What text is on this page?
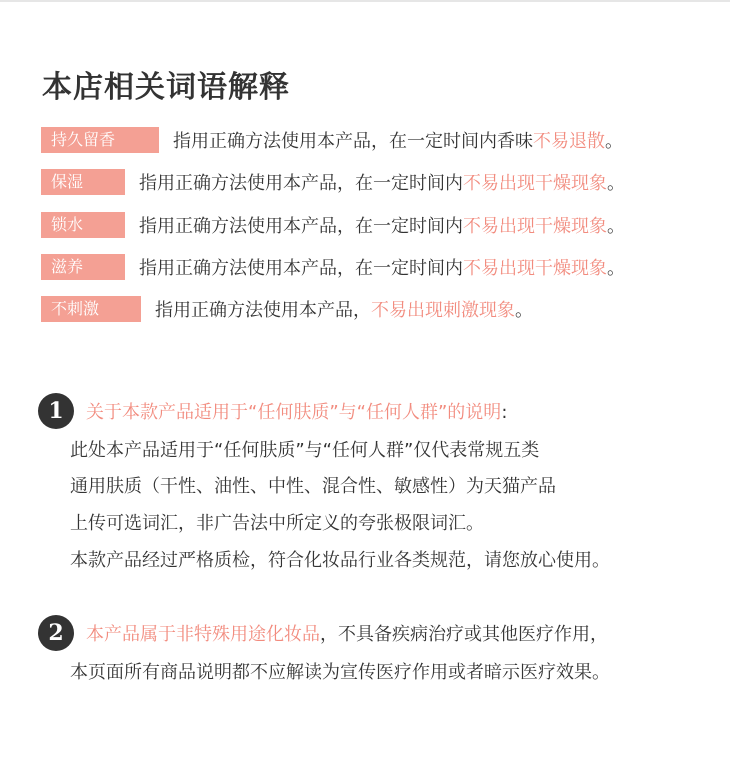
本店相关词语解释
持久留香	指用正确方法使用本产品，在一定时间内香味不易退散。
保湿	指用正确方法使用本产品，在一定时间内不易出现干燥现象。
锁水	指用正确方法使用本产品，在一定时间内不易出现干燥现象。
滋养	指用正确方法使用本产品，在一定时间内不易出现干燥现象。
不刺激	指用正确方法使用本产品，不易出现刺激现象。
1	关于本款产品适用于“任何肤质”与“任何人群”的说明:
此处本产品适用于“任何肤质”与“任何人群”仅代表常规五类
通用肤质（干性、油性、中性、混合性、敏感性）为天猫产品
上传可选词汇，非广告法中所定义的夸张极限词汇。
本款产品经过严格质检，符合化妆品行业各类规范，请您放心使用。
2	本产品属于非特殊用途化妆品，不具备疾病治疗或其他医疗作用，
本页面所有商品说明都不应解读为宣传医疗作用或者暗示医疗效果。
